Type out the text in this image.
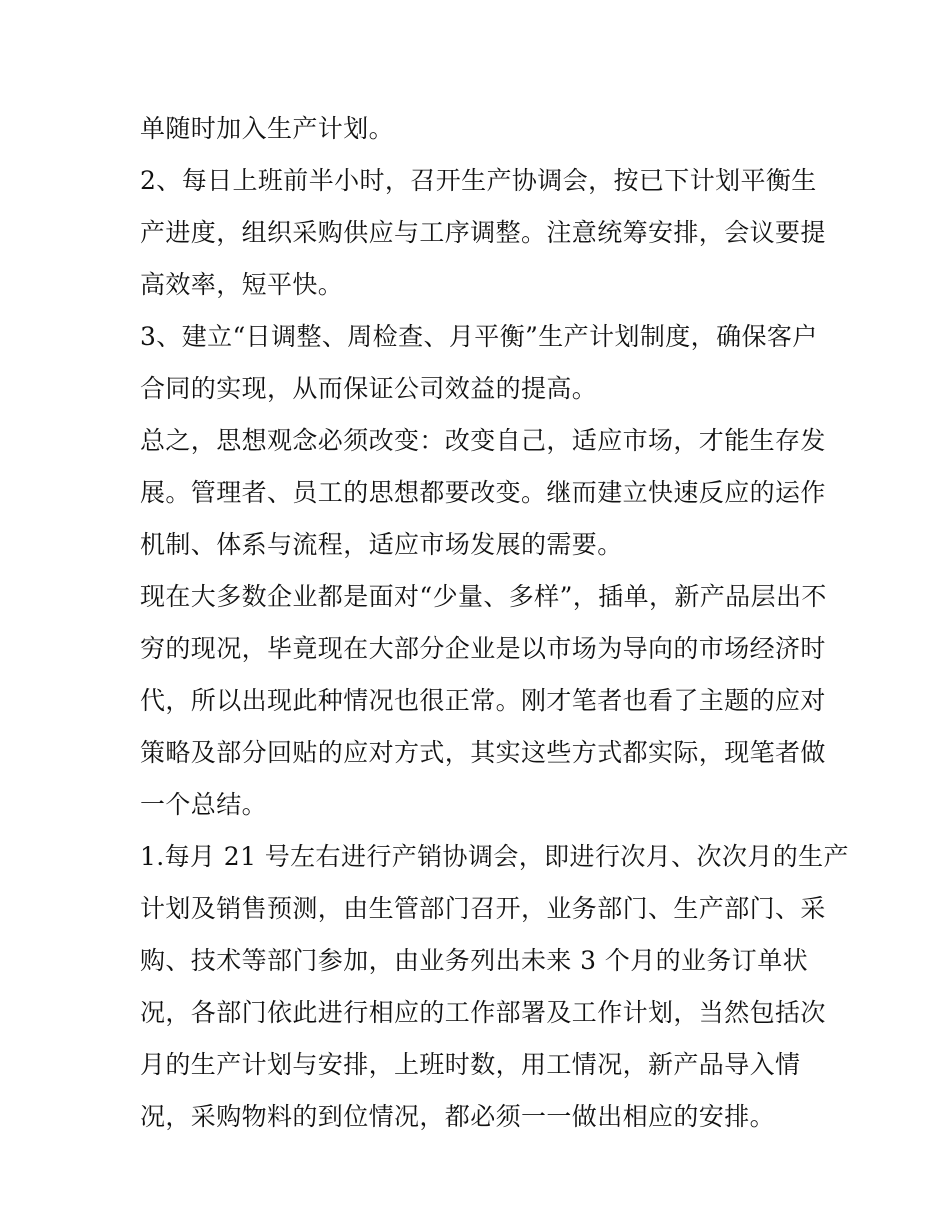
单随时加入生产计划。
2、每日上班前半小时，召开生产协调会，按已下计划平衡生
产进度，组织采购供应与工序调整。注意统筹安排，会议要提
高效率，短平快。
3、建立“日调整、周检查、月平衡”生产计划制度，确保客户
合同的实现，从而保证公司效益的提高。
总之，思想观念必须改变：改变自己，适应市场，才能生存发
展。管理者、员工的思想都要改变。继而建立快速反应的运作
机制、体系与流程，适应市场发展的需要。
现在大多数企业都是面对“少量、多样”，插单，新产品层出不
穷的现况，毕竟现在大部分企业是以市场为导向的市场经济时
代，所以出现此种情况也很正常。刚才笔者也看了主题的应对
策略及部分回贴的应对方式，其实这些方式都实际，现笔者做
一个总结。
1.每月 21 号左右进行产销协调会，即进行次月、次次月的生产
计划及销售预测，由生管部门召开，业务部门、生产部门、采
购、技术等部门参加，由业务列出未来 3 个月的业务订单状
况，各部门依此进行相应的工作部署及工作计划，当然包括次
月的生产计划与安排，上班时数，用工情况，新产品导入情
况，采购物料的到位情况，都必须一一做出相应的安排。
